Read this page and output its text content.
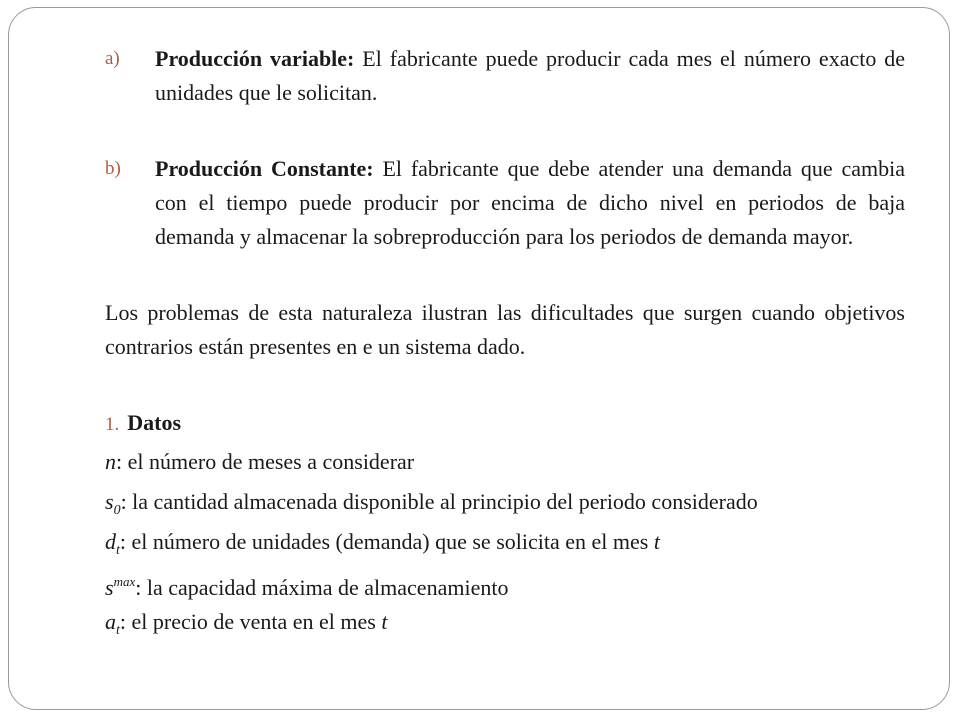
a)	Producción variable: El fabricante puede producir cada mes el número exacto de unidades que le solicitan.
b)	Producción Constante: El fabricante que debe atender una demanda que cambia con el tiempo puede producir por encima de dicho nivel en periodos de baja demanda y almacenar la sobreproducción para los periodos de demanda mayor.
Los problemas de esta naturaleza ilustran las dificultades que surgen cuando objetivos contrarios están presentes en e un sistema dado.
1. Datos
n: el número de meses a considerar
$s_0$: la cantidad almacenada disponible al principio del periodo considerado
$d_t$: el número de unidades (demanda) que se solicita en el mes t
$s^{max}$: la capacidad máxima de almacenamiento
$a_t$: el precio de venta en el mes t
